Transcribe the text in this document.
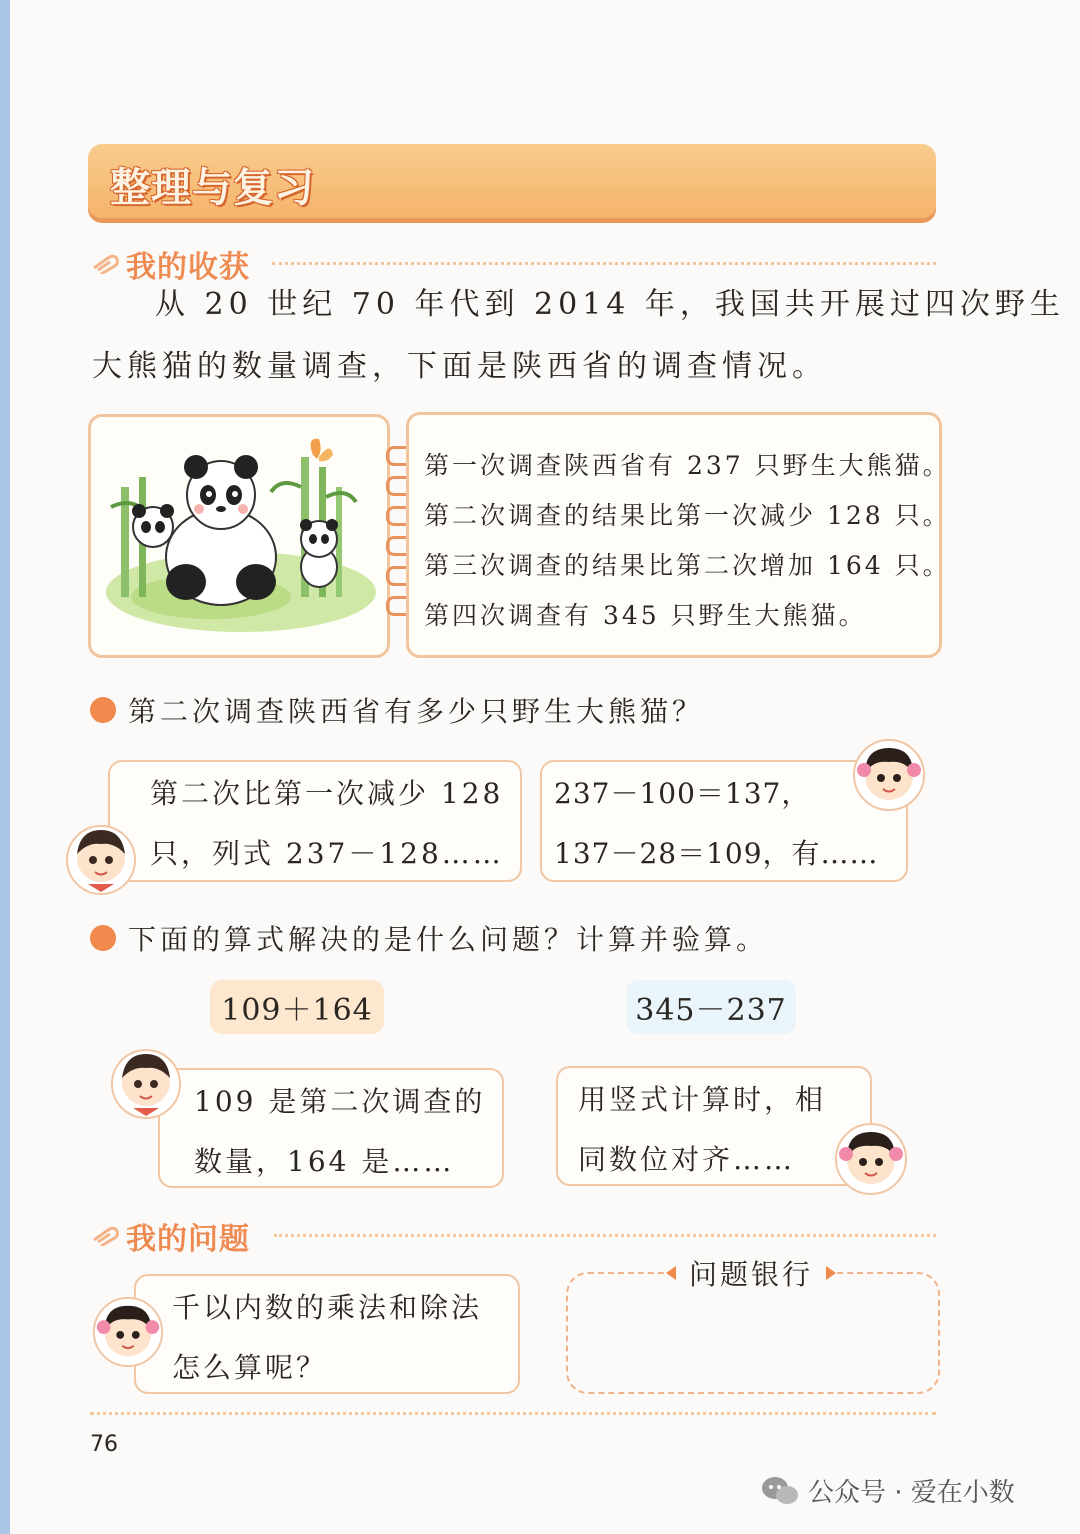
整理与复习
我的收获
从 20 世纪 70 年代到 2014 年，我国共开展过四次野生
大熊猫的数量调查，下面是陕西省的调查情况。
第一次调查陕西省有 237 只野生大熊猫。
第二次调查的结果比第一次减少 128 只。
第三次调查的结果比第二次增加 164 只。
第四次调查有 345 只野生大熊猫。
第二次调查陕西省有多少只野生大熊猫？
第二次比第一次减少 128
只，列式 237－128……
237－100＝137，
137－28＝109，有……
下面的算式解决的是什么问题？计算并验算。
109＋164	345－237
109 是第二次调查的
数量，164 是……
用竖式计算时，相
同数位对齐……
我的问题
千以内数的乘法和除法
怎么算呢？
问题银行
76
公众号 · 爱在小数
